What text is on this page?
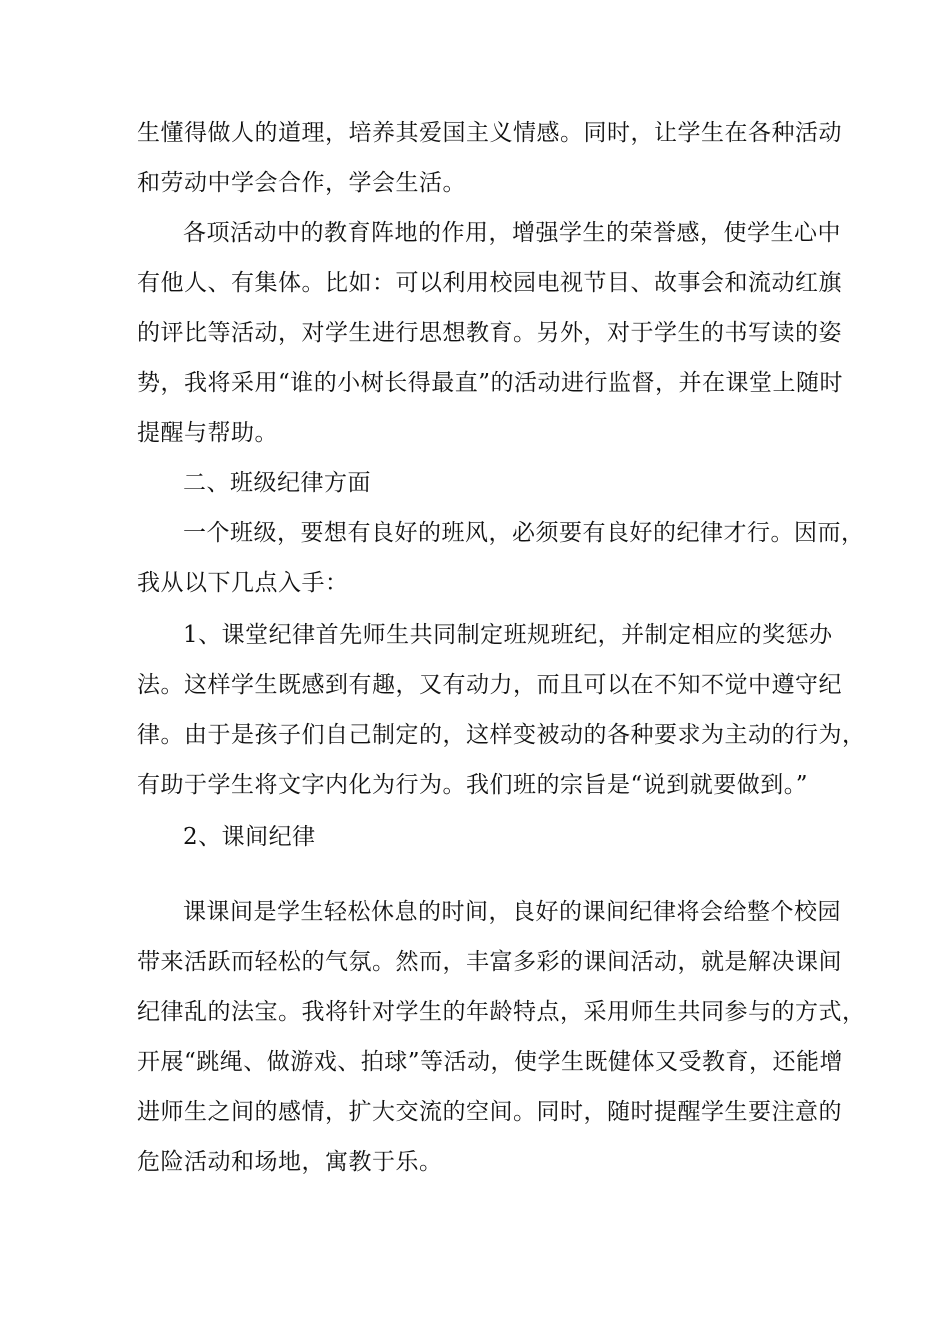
生懂得做人的道理，培养其爱国主义情感。同时，让学生在各种活动
和劳动中学会合作，学会生活。
各项活动中的教育阵地的作用，增强学生的荣誉感，使学生心中
有他人、有集体。比如：可以利用校园电视节目、故事会和流动红旗
的评比等活动，对学生进行思想教育。另外，对于学生的书写读的姿
势，我将采用“谁的小树长得最直”的活动进行监督，并在课堂上随时
提醒与帮助。
二、班级纪律方面
一个班级，要想有良好的班风，必须要有良好的纪律才行。因而，
我从以下几点入手：
1、课堂纪律首先师生共同制定班规班纪，并制定相应的奖惩办
法。这样学生既感到有趣，又有动力，而且可以在不知不觉中遵守纪
律。由于是孩子们自己制定的，这样变被动的各种要求为主动的行为，
有助于学生将文字内化为行为。我们班的宗旨是“说到就要做到。”
2、课间纪律
课课间是学生轻松休息的时间，良好的课间纪律将会给整个校园
带来活跃而轻松的气氛。然而，丰富多彩的课间活动，就是解决课间
纪律乱的法宝。我将针对学生的年龄特点，采用师生共同参与的方式，
开展“跳绳、做游戏、拍球”等活动，使学生既健体又受教育，还能增
进师生之间的感情，扩大交流的空间。同时，随时提醒学生要注意的
危险活动和场地，寓教于乐。
